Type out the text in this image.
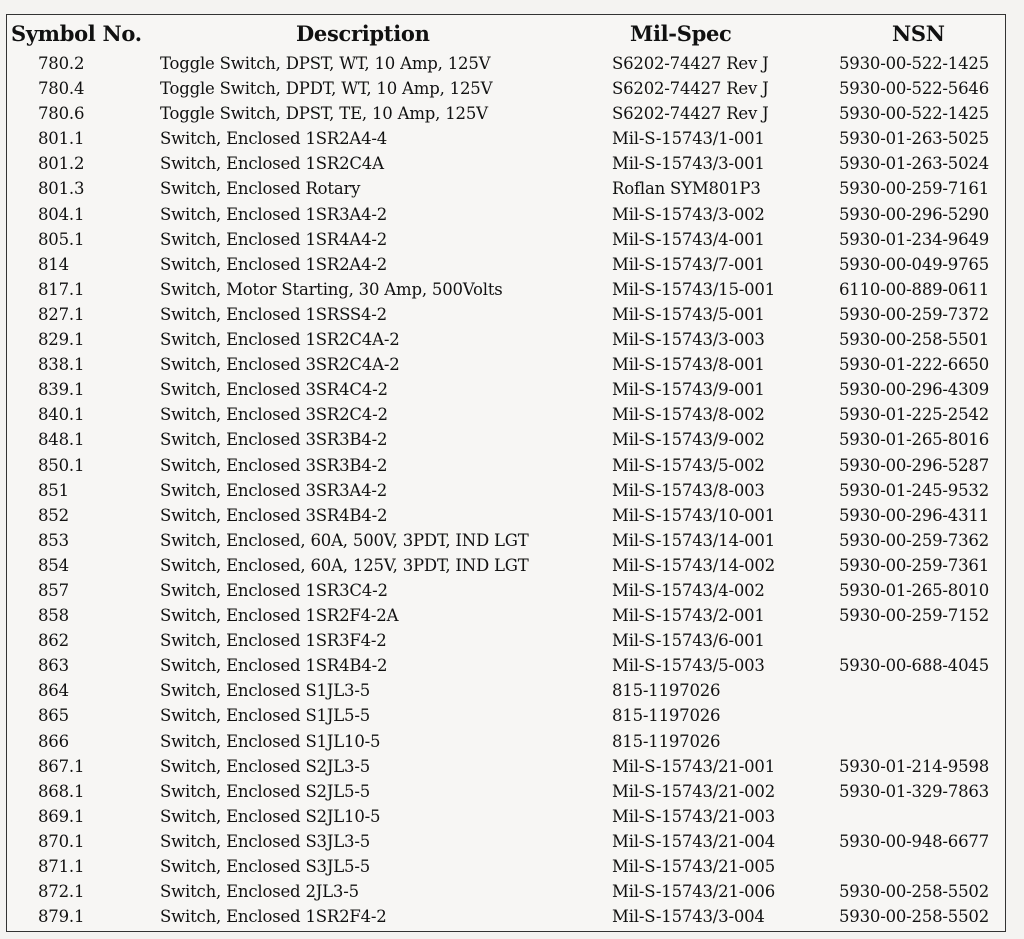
Symbol No.	Description	Mil-Spec	NSN
780.2	Toggle Switch, DPST, WT, 10 Amp, 125V	S6202-74427 Rev J	5930-00-522-1425
780.4	Toggle Switch, DPDT, WT, 10 Amp, 125V	S6202-74427 Rev J	5930-00-522-5646
780.6	Toggle Switch, DPST, TE, 10 Amp, 125V	S6202-74427 Rev J	5930-00-522-1425
801.1	Switch, Enclosed 1SR2A4-4	Mil-S-15743/1-001	5930-01-263-5025
801.2	Switch, Enclosed 1SR2C4A	Mil-S-15743/3-001	5930-01-263-5024
801.3	Switch, Enclosed Rotary	Roflan SYM801P3	5930-00-259-7161
804.1	Switch, Enclosed 1SR3A4-2	Mil-S-15743/3-002	5930-00-296-5290
805.1	Switch, Enclosed 1SR4A4-2	Mil-S-15743/4-001	5930-01-234-9649
814	Switch, Enclosed 1SR2A4-2	Mil-S-15743/7-001	5930-00-049-9765
817.1	Switch, Motor Starting, 30 Amp, 500Volts	Mil-S-15743/15-001	6110-00-889-0611
827.1	Switch, Enclosed 1SRSS4-2	Mil-S-15743/5-001	5930-00-259-7372
829.1	Switch, Enclosed 1SR2C4A-2	Mil-S-15743/3-003	5930-00-258-5501
838.1	Switch, Enclosed 3SR2C4A-2	Mil-S-15743/8-001	5930-01-222-6650
839.1	Switch, Enclosed 3SR4C4-2	Mil-S-15743/9-001	5930-00-296-4309
840.1	Switch, Enclosed 3SR2C4-2	Mil-S-15743/8-002	5930-01-225-2542
848.1	Switch, Enclosed 3SR3B4-2	Mil-S-15743/9-002	5930-01-265-8016
850.1	Switch, Enclosed 3SR3B4-2	Mil-S-15743/5-002	5930-00-296-5287
851	Switch, Enclosed 3SR3A4-2	Mil-S-15743/8-003	5930-01-245-9532
852	Switch, Enclosed 3SR4B4-2	Mil-S-15743/10-001	5930-00-296-4311
853	Switch, Enclosed, 60A, 500V, 3PDT, IND LGT	Mil-S-15743/14-001	5930-00-259-7362
854	Switch, Enclosed, 60A, 125V, 3PDT, IND LGT	Mil-S-15743/14-002	5930-00-259-7361
857	Switch, Enclosed 1SR3C4-2	Mil-S-15743/4-002	5930-01-265-8010
858	Switch, Enclosed 1SR2F4-2A	Mil-S-15743/2-001	5930-00-259-7152
862	Switch, Enclosed 1SR3F4-2	Mil-S-15743/6-001
863	Switch, Enclosed 1SR4B4-2	Mil-S-15743/5-003	5930-00-688-4045
864	Switch, Enclosed S1JL3-5	815-1197026
865	Switch, Enclosed S1JL5-5	815-1197026
866	Switch, Enclosed S1JL10-5	815-1197026
867.1	Switch, Enclosed S2JL3-5	Mil-S-15743/21-001	5930-01-214-9598
868.1	Switch, Enclosed S2JL5-5	Mil-S-15743/21-002	5930-01-329-7863
869.1	Switch, Enclosed S2JL10-5	Mil-S-15743/21-003
870.1	Switch, Enclosed S3JL3-5	Mil-S-15743/21-004	5930-00-948-6677
871.1	Switch, Enclosed S3JL5-5	Mil-S-15743/21-005
872.1	Switch, Enclosed 2JL3-5	Mil-S-15743/21-006	5930-00-258-5502
879.1	Switch, Enclosed 1SR2F4-2	Mil-S-15743/3-004	5930-00-258-5502
